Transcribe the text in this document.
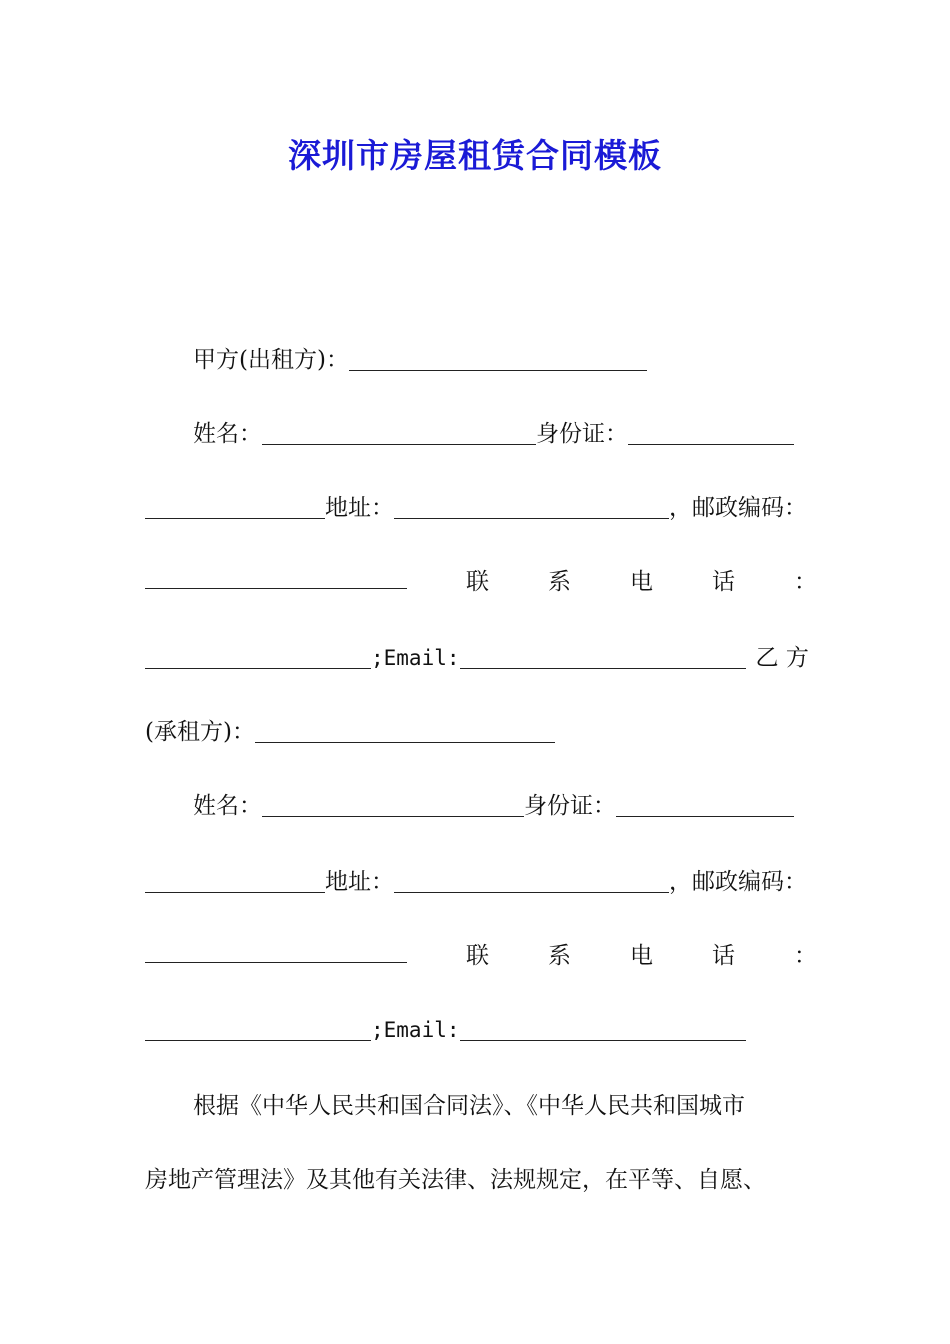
深圳市房屋租赁合同模板
甲方(出租方)：
姓名：	身份证：
地址：	，邮政编码：
联	系	电	话	：
;Email:	乙 方
(承租方)：
姓名：	身份证：
地址：	，邮政编码：
联	系	电	话	：
;Email:
根据《中华人民共和国合同法》、《中华人民共和国城市
房地产管理法》及其他有关法律、法规规定，在平等、自愿、
